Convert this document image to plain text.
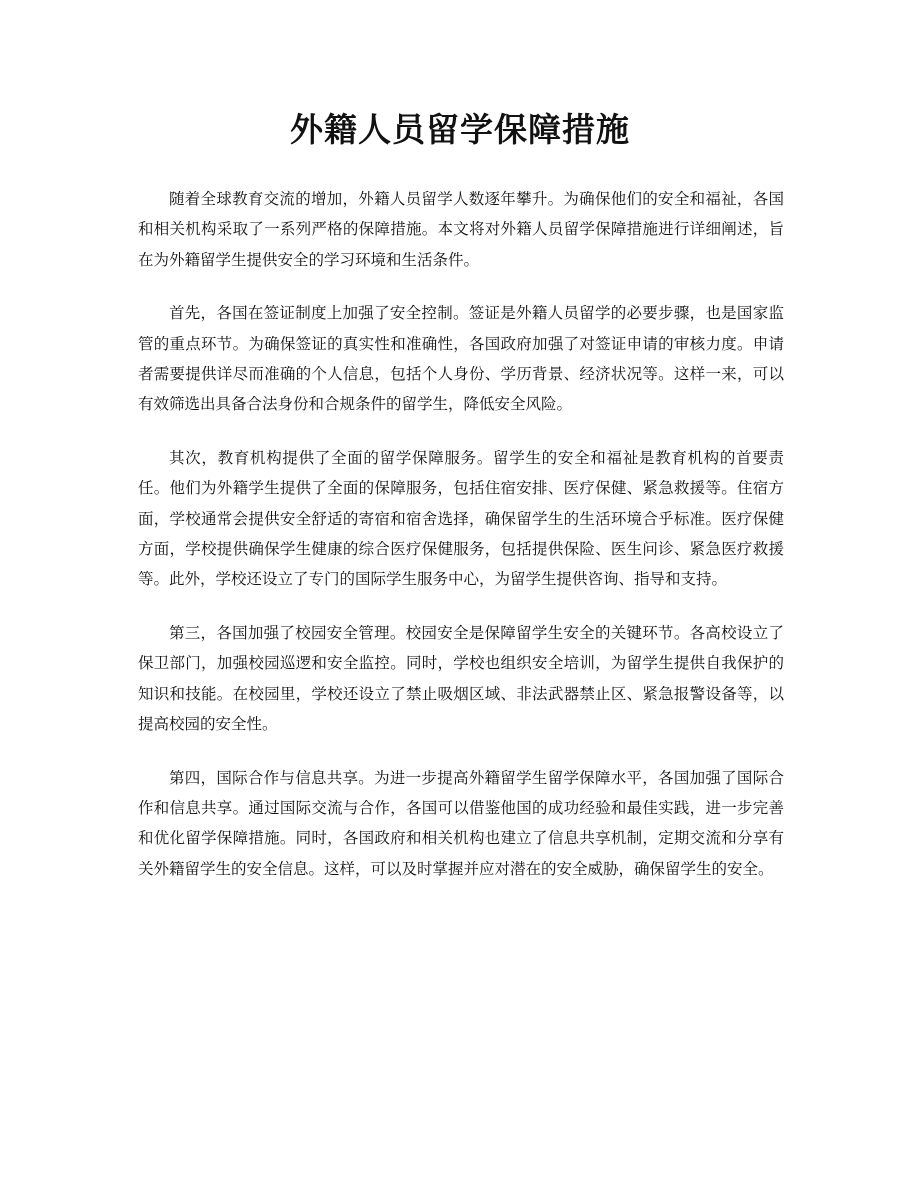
外籍人员留学保障措施

随着全球教育交流的增加，外籍人员留学人数逐年攀升。为确保他们的安全和福祉，各国和相关机构采取了一系列严格的保障措施。本文将对外籍人员留学保障措施进行详细阐述，旨在为外籍留学生提供安全的学习环境和生活条件。

首先，各国在签证制度上加强了安全控制。签证是外籍人员留学的必要步骤，也是国家监管的重点环节。为确保签证的真实性和准确性，各国政府加强了对签证申请的审核力度。申请者需要提供详尽而准确的个人信息，包括个人身份、学历背景、经济状况等。这样一来，可以有效筛选出具备合法身份和合规条件的留学生，降低安全风险。

其次，教育机构提供了全面的留学保障服务。留学生的安全和福祉是教育机构的首要责任。他们为外籍学生提供了全面的保障服务，包括住宿安排、医疗保健、紧急救援等。住宿方面，学校通常会提供安全舒适的寄宿和宿舍选择，确保留学生的生活环境合乎标准。医疗保健方面，学校提供确保学生健康的综合医疗保健服务，包括提供保险、医生问诊、紧急医疗救援等。此外，学校还设立了专门的国际学生服务中心，为留学生提供咨询、指导和支持。

第三，各国加强了校园安全管理。校园安全是保障留学生安全的关键环节。各高校设立了保卫部门，加强校园巡逻和安全监控。同时，学校也组织安全培训，为留学生提供自我保护的知识和技能。在校园里，学校还设立了禁止吸烟区域、非法武器禁止区、紧急报警设备等，以提高校园的安全性。

第四，国际合作与信息共享。为进一步提高外籍留学生留学保障水平，各国加强了国际合作和信息共享。通过国际交流与合作，各国可以借鉴他国的成功经验和最佳实践，进一步完善和优化留学保障措施。同时，各国政府和相关机构也建立了信息共享机制，定期交流和分享有关外籍留学生的安全信息。这样，可以及时掌握并应对潜在的安全威胁，确保留学生的安全。
